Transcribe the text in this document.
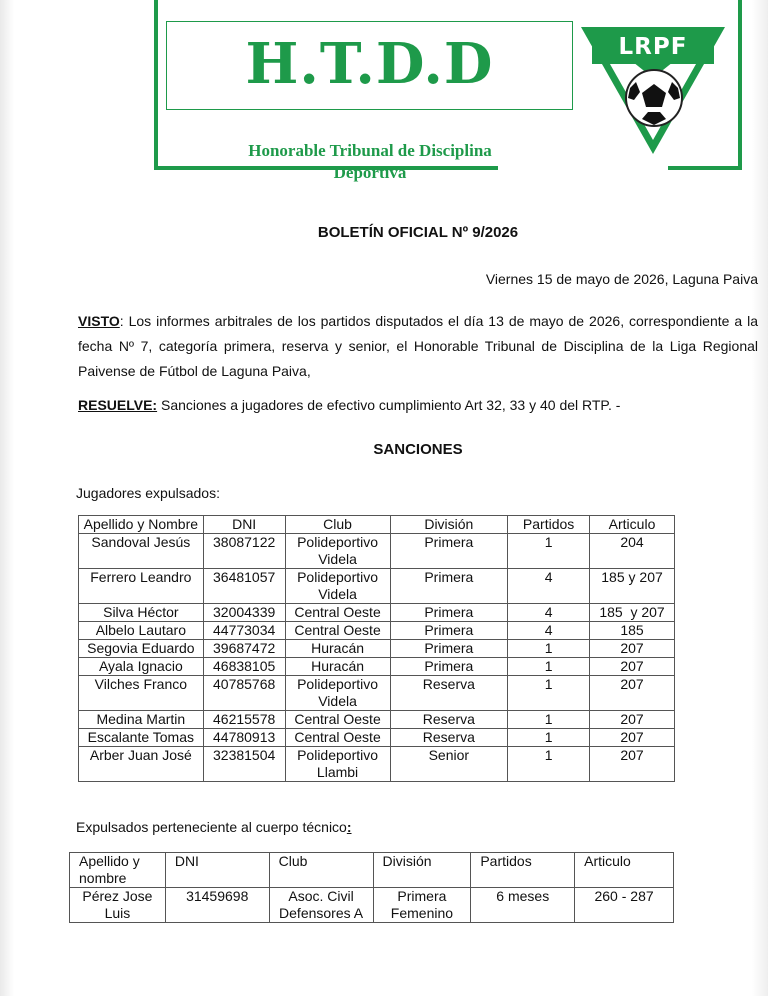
H.T.D.D
Honorable Tribunal de Disciplina
Deportiva
LRPF
BOLETÍN OFICIAL Nº 9/2026
Viernes 15 de mayo de 2026, Laguna Paiva
VISTO: Los informes arbitrales de los partidos disputados el día 13 de mayo de 2026, correspondiente a la fecha Nº 7, categoría primera, reserva y senior, el Honorable Tribunal de Disciplina de la Liga Regional Paivense de Fútbol de Laguna Paiva,
RESUELVE: Sanciones a jugadores de efectivo cumplimiento Art 32, 33 y 40 del RTP. -
SANCIONES
Jugadores expulsados:
Apellido y Nombre	DNI	Club	División	Partidos	Articulo
Sandoval Jesús	38087122	Polideportivo Videla	Primera	1	204
Ferrero Leandro	36481057	Polideportivo Videla	Primera	4	185 y 207
Silva Héctor	32004339	Central Oeste	Primera	4	185  y 207
Albelo Lautaro	44773034	Central Oeste	Primera	4	185
Segovia Eduardo	39687472	Huracán	Primera	1	207
Ayala Ignacio	46838105	Huracán	Primera	1	207
Vilches Franco	40785768	Polideportivo Videla	Reserva	1	207
Medina Martin	46215578	Central Oeste	Reserva	1	207
Escalante Tomas	44780913	Central Oeste	Reserva	1	207
Arber Juan José	32381504	Polideportivo Llambi	Senior	1	207
Expulsados perteneciente al cuerpo técnico:
Apellido y nombre	DNI	Club	División	Partidos	Articulo
Pérez Jose Luis	31459698	Asoc. Civil Defensores A	Primera Femenino	6 meses	260 - 287
